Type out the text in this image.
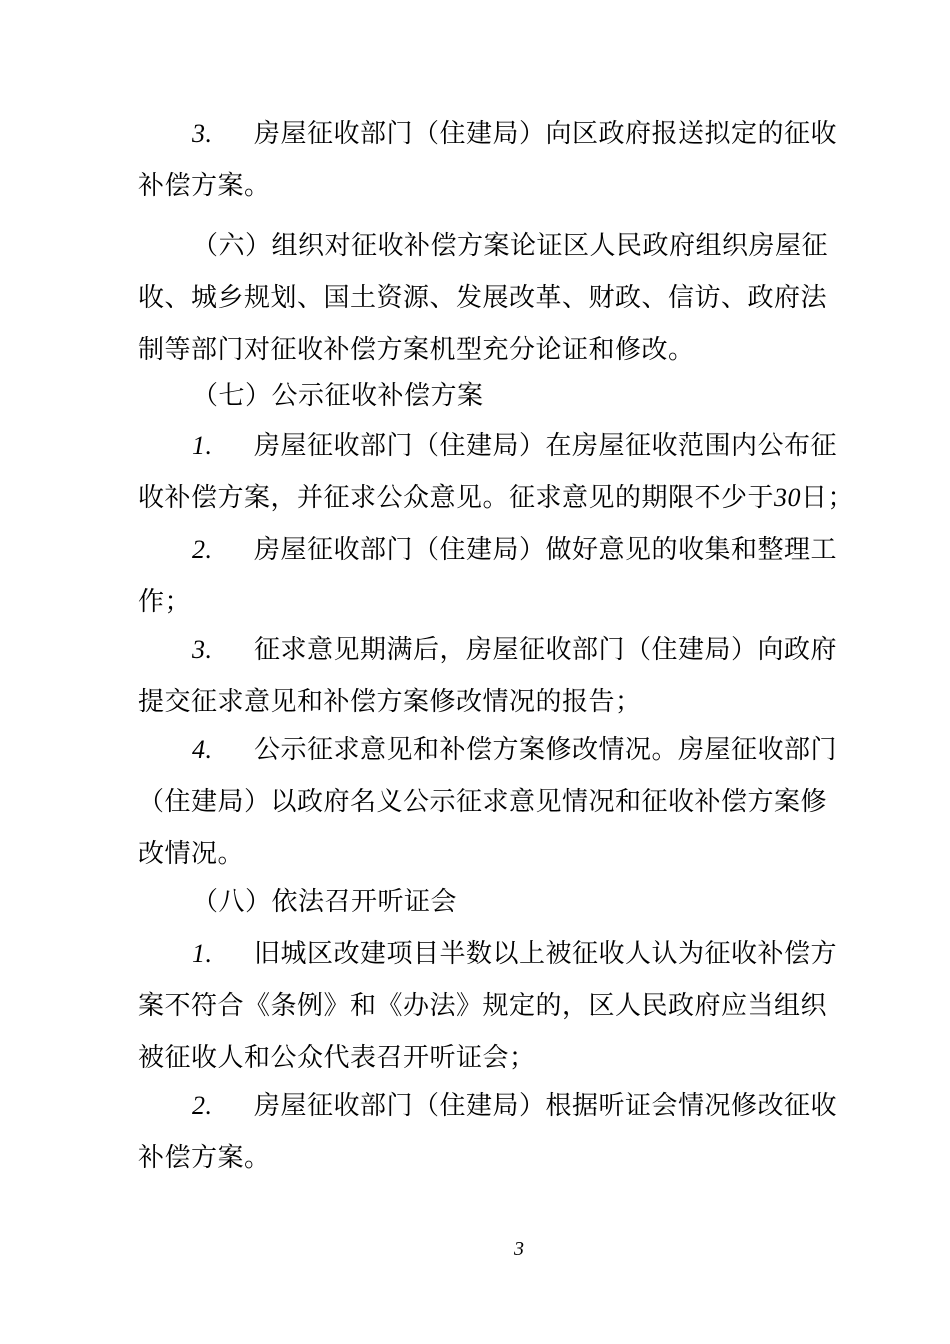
3. 房屋征收部门（住建局）向区政府报送拟定的征收
补偿方案。
（六）组织对征收补偿方案论证区人民政府组织房屋征
收、城乡规划、国土资源、发展改革、财政、信访、政府法
制等部门对征收补偿方案机型充分论证和修改。
（七）公示征收补偿方案
1. 房屋征收部门（住建局）在房屋征收范围内公布征
收补偿方案，并征求公众意见。征求意见的期限不少于30日；
2. 房屋征收部门（住建局）做好意见的收集和整理工
作；
3. 征求意见期满后，房屋征收部门（住建局）向政府
提交征求意见和补偿方案修改情况的报告；
4. 公示征求意见和补偿方案修改情况。房屋征收部门
（住建局）以政府名义公示征求意见情况和征收补偿方案修
改情况。
（八）依法召开听证会
1. 旧城区改建项目半数以上被征收人认为征收补偿方
案不符合《条例》和《办法》规定的，区人民政府应当组织
被征收人和公众代表召开听证会；
2. 房屋征收部门（住建局）根据听证会情况修改征收
补偿方案。
3
